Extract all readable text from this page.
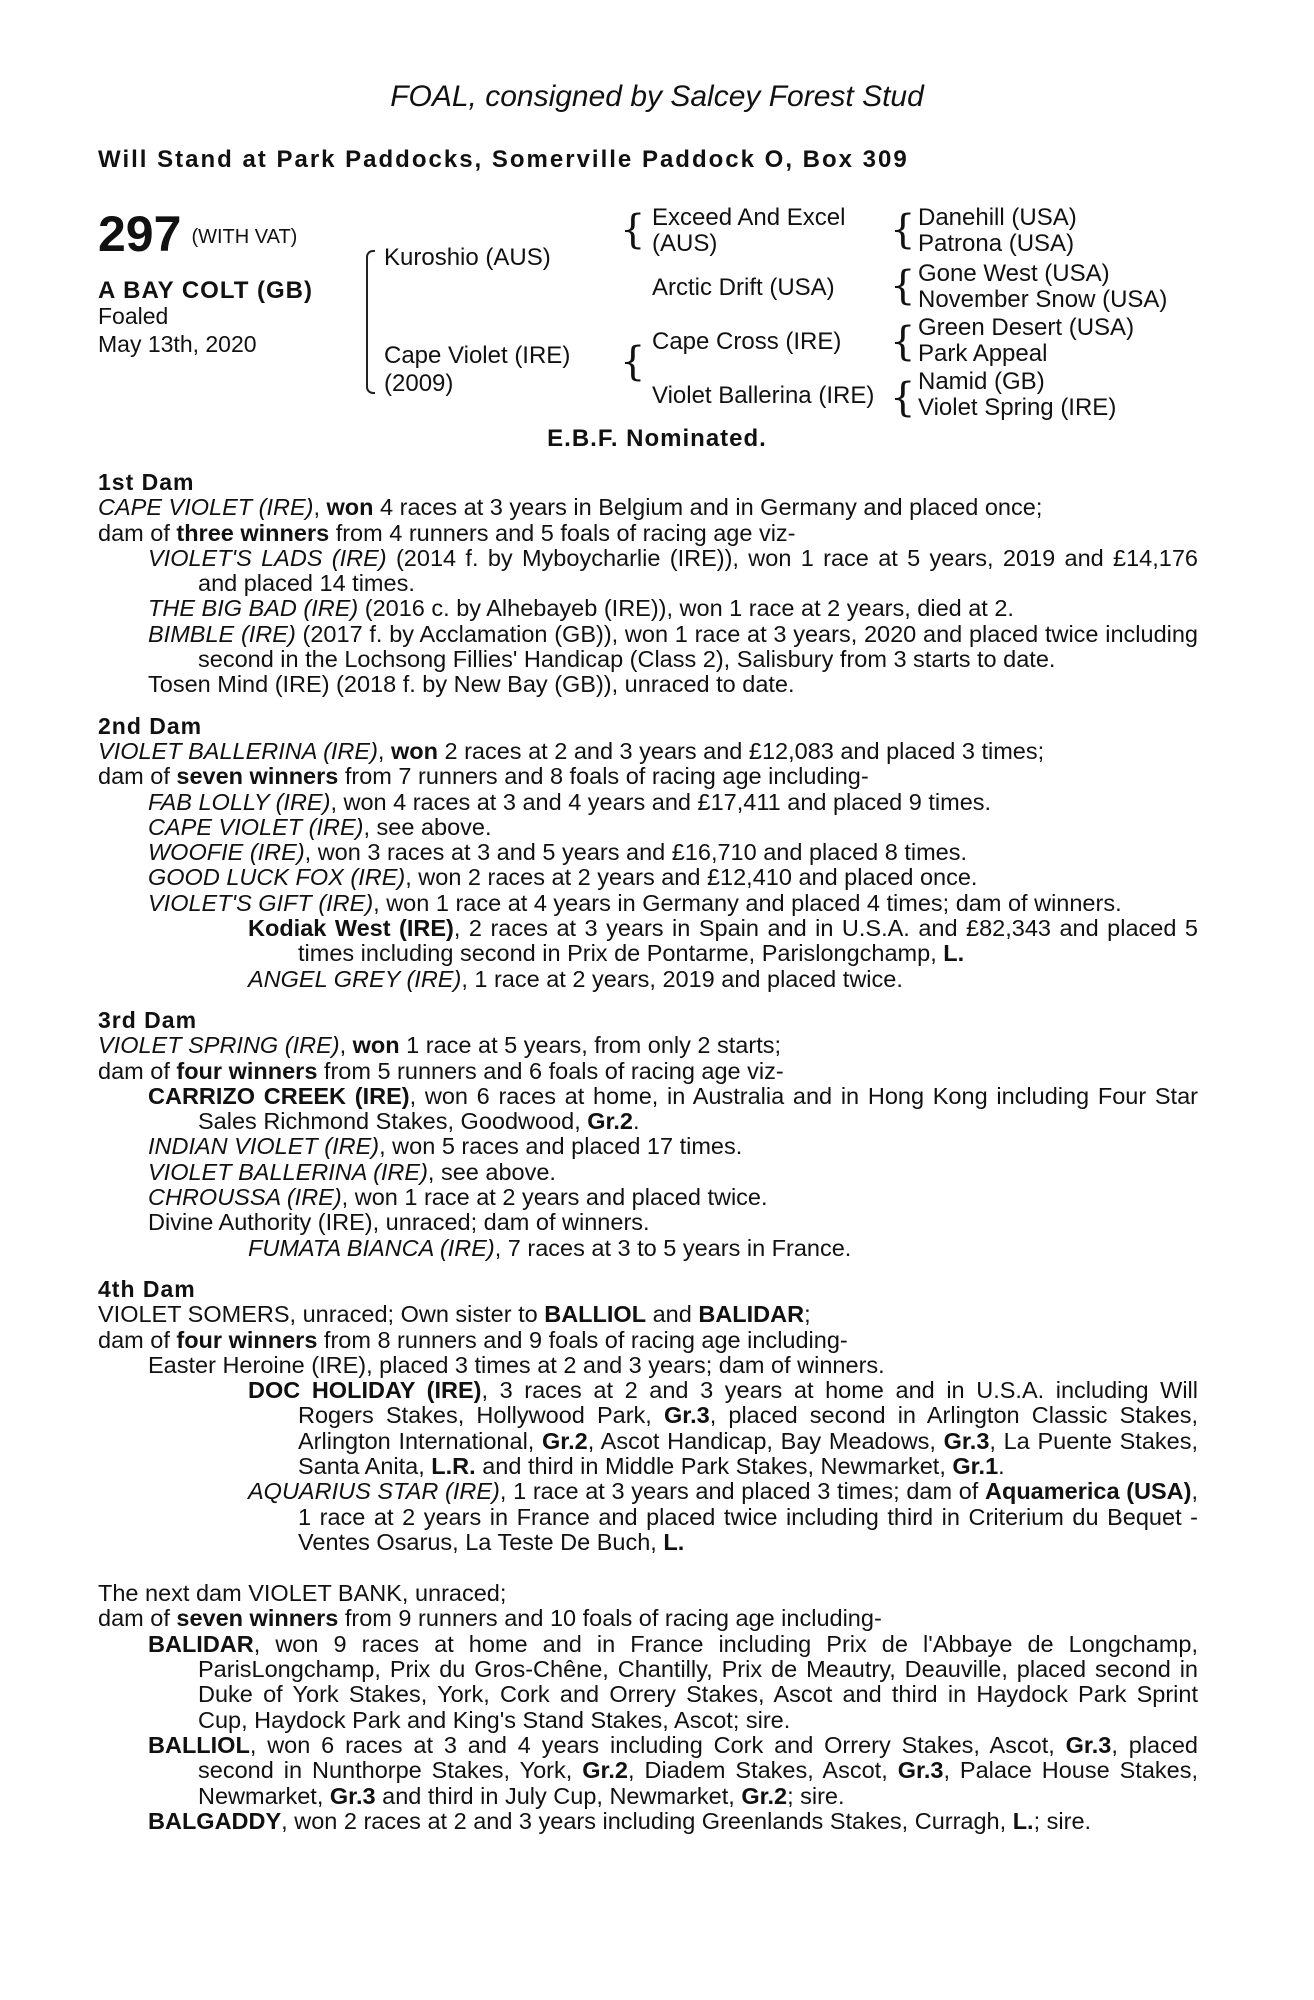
FOAL, consigned by Salcey Forest Stud
Will Stand at Park Paddocks, Somerville Paddock O, Box 309
297 (WITH VAT)
A BAY COLT (GB)
Foaled
May 13th, 2020
Kuroshio (AUS)
Cape Violet (IRE)
(2009)
{ Exceed And Excel
(AUS)
Arctic Drift (USA)
{ Cape Cross (IRE)
Violet Ballerina (IRE)
{ Danehill (USA)
Patrona (USA)
{ Gone West (USA)
November Snow (USA)
{ Green Desert (USA)
Park Appeal
{ Namid (GB)
Violet Spring (IRE)
E.B.F. Nominated.
1st Dam
CAPE VIOLET (IRE), won 4 races at 3 years in Belgium and in Germany and placed once;
dam of three winners from 4 runners and 5 foals of racing age viz-
VIOLET'S LADS (IRE) (2014 f. by Myboycharlie (IRE)), won 1 race at 5 years, 2019 and £14,176 and placed 14 times.
THE BIG BAD (IRE) (2016 c. by Alhebayeb (IRE)), won 1 race at 2 years, died at 2.
BIMBLE (IRE) (2017 f. by Acclamation (GB)), won 1 race at 3 years, 2020 and placed twice including second in the Lochsong Fillies' Handicap (Class 2), Salisbury from 3 starts to date.
Tosen Mind (IRE) (2018 f. by New Bay (GB)), unraced to date.
2nd Dam
VIOLET BALLERINA (IRE), won 2 races at 2 and 3 years and £12,083 and placed 3 times;
dam of seven winners from 7 runners and 8 foals of racing age including-
FAB LOLLY (IRE), won 4 races at 3 and 4 years and £17,411 and placed 9 times.
CAPE VIOLET (IRE), see above.
WOOFIE (IRE), won 3 races at 3 and 5 years and £16,710 and placed 8 times.
GOOD LUCK FOX (IRE), won 2 races at 2 years and £12,410 and placed once.
VIOLET'S GIFT (IRE), won 1 race at 4 years in Germany and placed 4 times; dam of winners.
Kodiak West (IRE), 2 races at 3 years in Spain and in U.S.A. and £82,343 and placed 5 times including second in Prix de Pontarme, Parislongchamp, L.
ANGEL GREY (IRE), 1 race at 2 years, 2019 and placed twice.
3rd Dam
VIOLET SPRING (IRE), won 1 race at 5 years, from only 2 starts;
dam of four winners from 5 runners and 6 foals of racing age viz-
CARRIZO CREEK (IRE), won 6 races at home, in Australia and in Hong Kong including Four Star Sales Richmond Stakes, Goodwood, Gr.2.
INDIAN VIOLET (IRE), won 5 races and placed 17 times.
VIOLET BALLERINA (IRE), see above.
CHROUSSA (IRE), won 1 race at 2 years and placed twice.
Divine Authority (IRE), unraced; dam of winners.
FUMATA BIANCA (IRE), 7 races at 3 to 5 years in France.
4th Dam
VIOLET SOMERS, unraced; Own sister to BALLIOL and BALIDAR;
dam of four winners from 8 runners and 9 foals of racing age including-
Easter Heroine (IRE), placed 3 times at 2 and 3 years; dam of winners.
DOC HOLIDAY (IRE), 3 races at 2 and 3 years at home and in U.S.A. including Will Rogers Stakes, Hollywood Park, Gr.3, placed second in Arlington Classic Stakes, Arlington International, Gr.2, Ascot Handicap, Bay Meadows, Gr.3, La Puente Stakes, Santa Anita, L.R. and third in Middle Park Stakes, Newmarket, Gr.1.
AQUARIUS STAR (IRE), 1 race at 3 years and placed 3 times; dam of Aquamerica (USA), 1 race at 2 years in France and placed twice including third in Criterium du Bequet - Ventes Osarus, La Teste De Buch, L.
The next dam VIOLET BANK, unraced;
dam of seven winners from 9 runners and 10 foals of racing age including-
BALIDAR, won 9 races at home and in France including Prix de l'Abbaye de Longchamp, ParisLongchamp, Prix du Gros-Chêne, Chantilly, Prix de Meautry, Deauville, placed second in Duke of York Stakes, York, Cork and Orrery Stakes, Ascot and third in Haydock Park Sprint Cup, Haydock Park and King's Stand Stakes, Ascot; sire.
BALLIOL, won 6 races at 3 and 4 years including Cork and Orrery Stakes, Ascot, Gr.3, placed second in Nunthorpe Stakes, York, Gr.2, Diadem Stakes, Ascot, Gr.3, Palace House Stakes, Newmarket, Gr.3 and third in July Cup, Newmarket, Gr.2; sire.
BALGADDY, won 2 races at 2 and 3 years including Greenlands Stakes, Curragh, L.; sire.
